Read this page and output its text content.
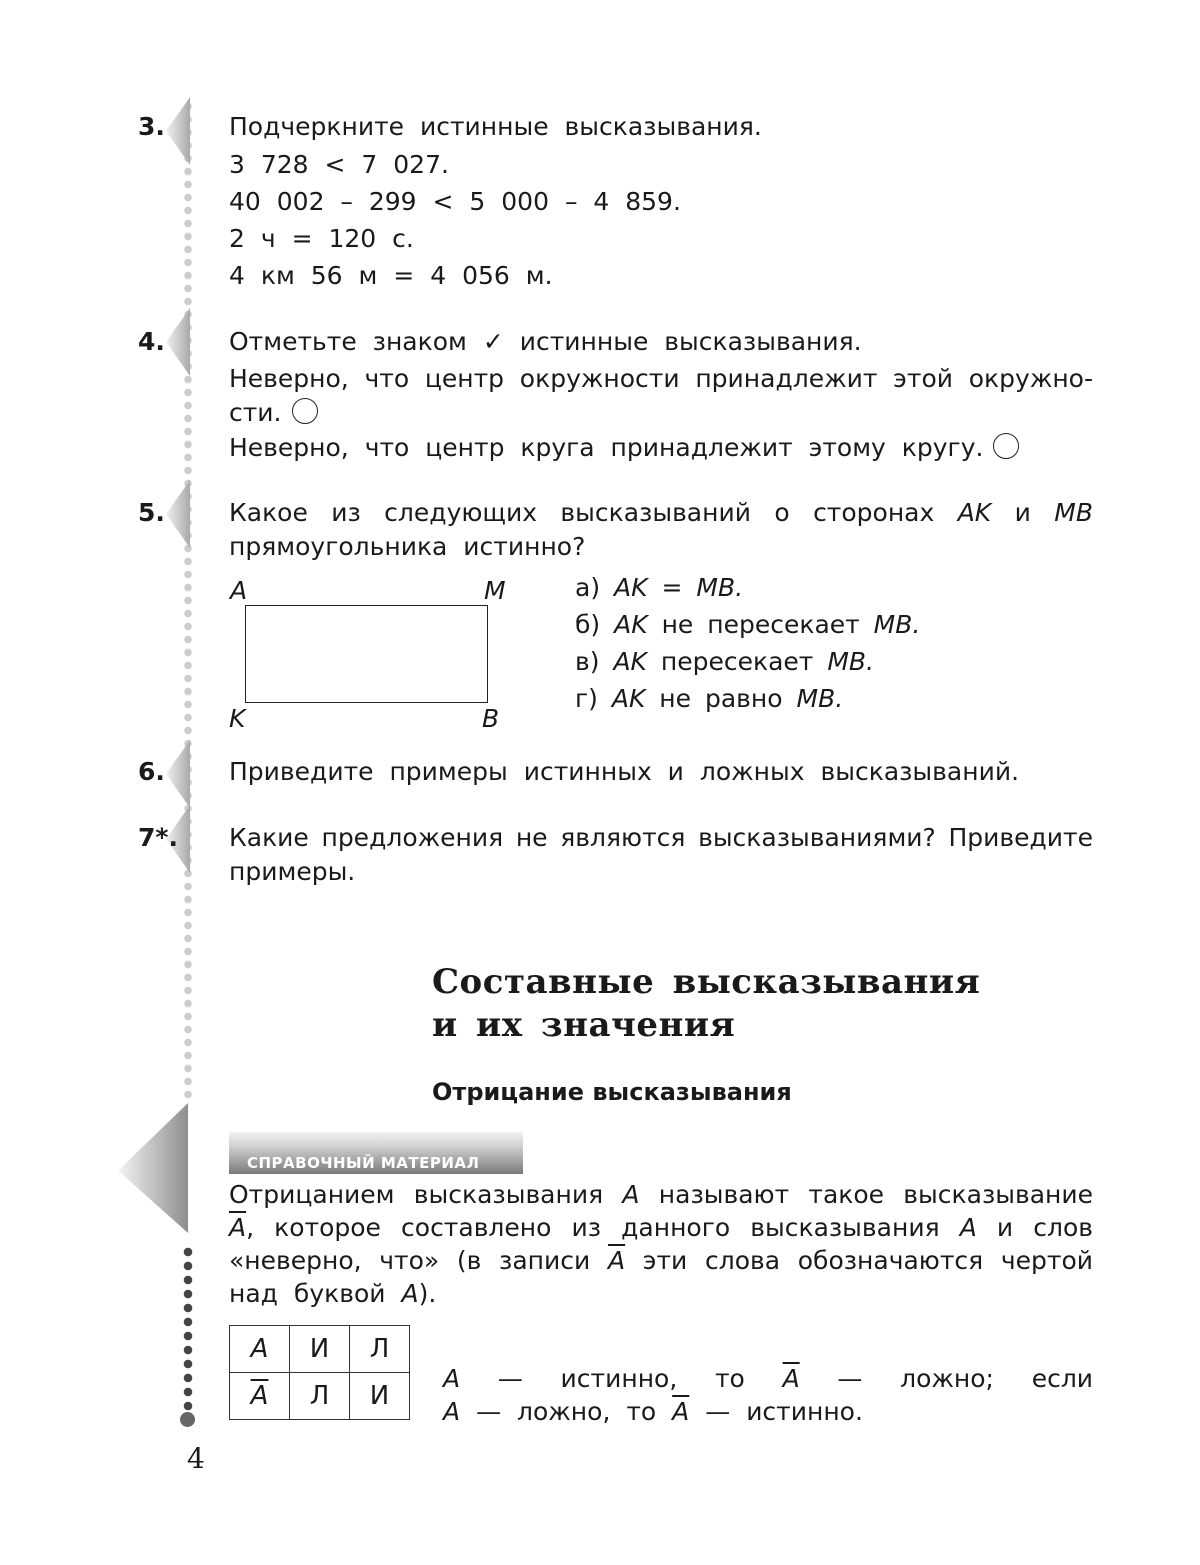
3.	Подчеркните истинные высказывания.
3 728 < 7 027.
40 002 – 299 < 5 000 – 4 859.
2 ч = 120 с.
4 км 56 м = 4 056 м.
4.	Отметьте знаком ✓ истинные высказывания.
Неверно, что центр окружности принадлежит этой окружно-
сти.
Неверно, что центр круга принадлежит этому кругу.
5.	Какое из следующих высказываний о сторонах AK и MB
прямоугольника истинно?
A	M
K	B
а) AK = MB.
б) AK не пересекает MB.
в) AK пересекает MB.
г) AK не равно MB.
6.	Приведите примеры истинных и ложных высказываний.
7*. Какие предложения не являются высказываниями? Приведите
примеры.
Составные высказывания
и их значения
Отрицание высказывания
СПРАВОЧНЫЙ МАТЕРИАЛ
Отрицанием высказывания A называют такое высказывание
$\overline{A}$, которое составлено из данного высказывания A и слов
«неверно, что» (в записи $\overline{A}$ эти слова обозначаются чертой
над буквой A).
A	И	Л
$\overline{A}$	Л	И
A — истинно, то $\overline{A}$ — ложно; если
A — ложно, то $\overline{A}$ — истинно.
4
